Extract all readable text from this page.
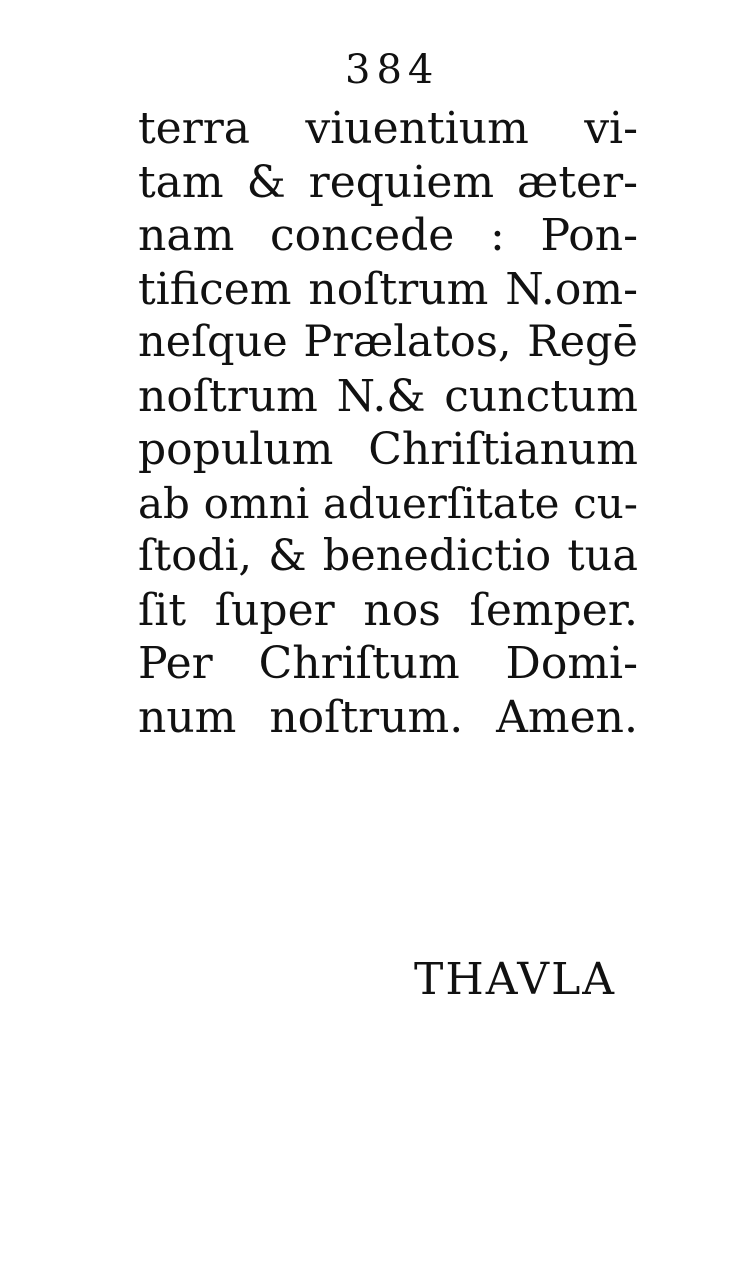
384
terra viuentium vi-
tam & requiem æter-
nam concede : Pon-
tificem noſtrum N.om-
neſque Prælatos, Regē
noſtrum N.& cunctum
populum Chriſtianum
ab omni aduerſitate cu-
ſtodi, & benedictio tua
ſit ſuper nos ſemper.
Per Chriſtum Domi-
num noſtrum. Amen.
THAVLA
